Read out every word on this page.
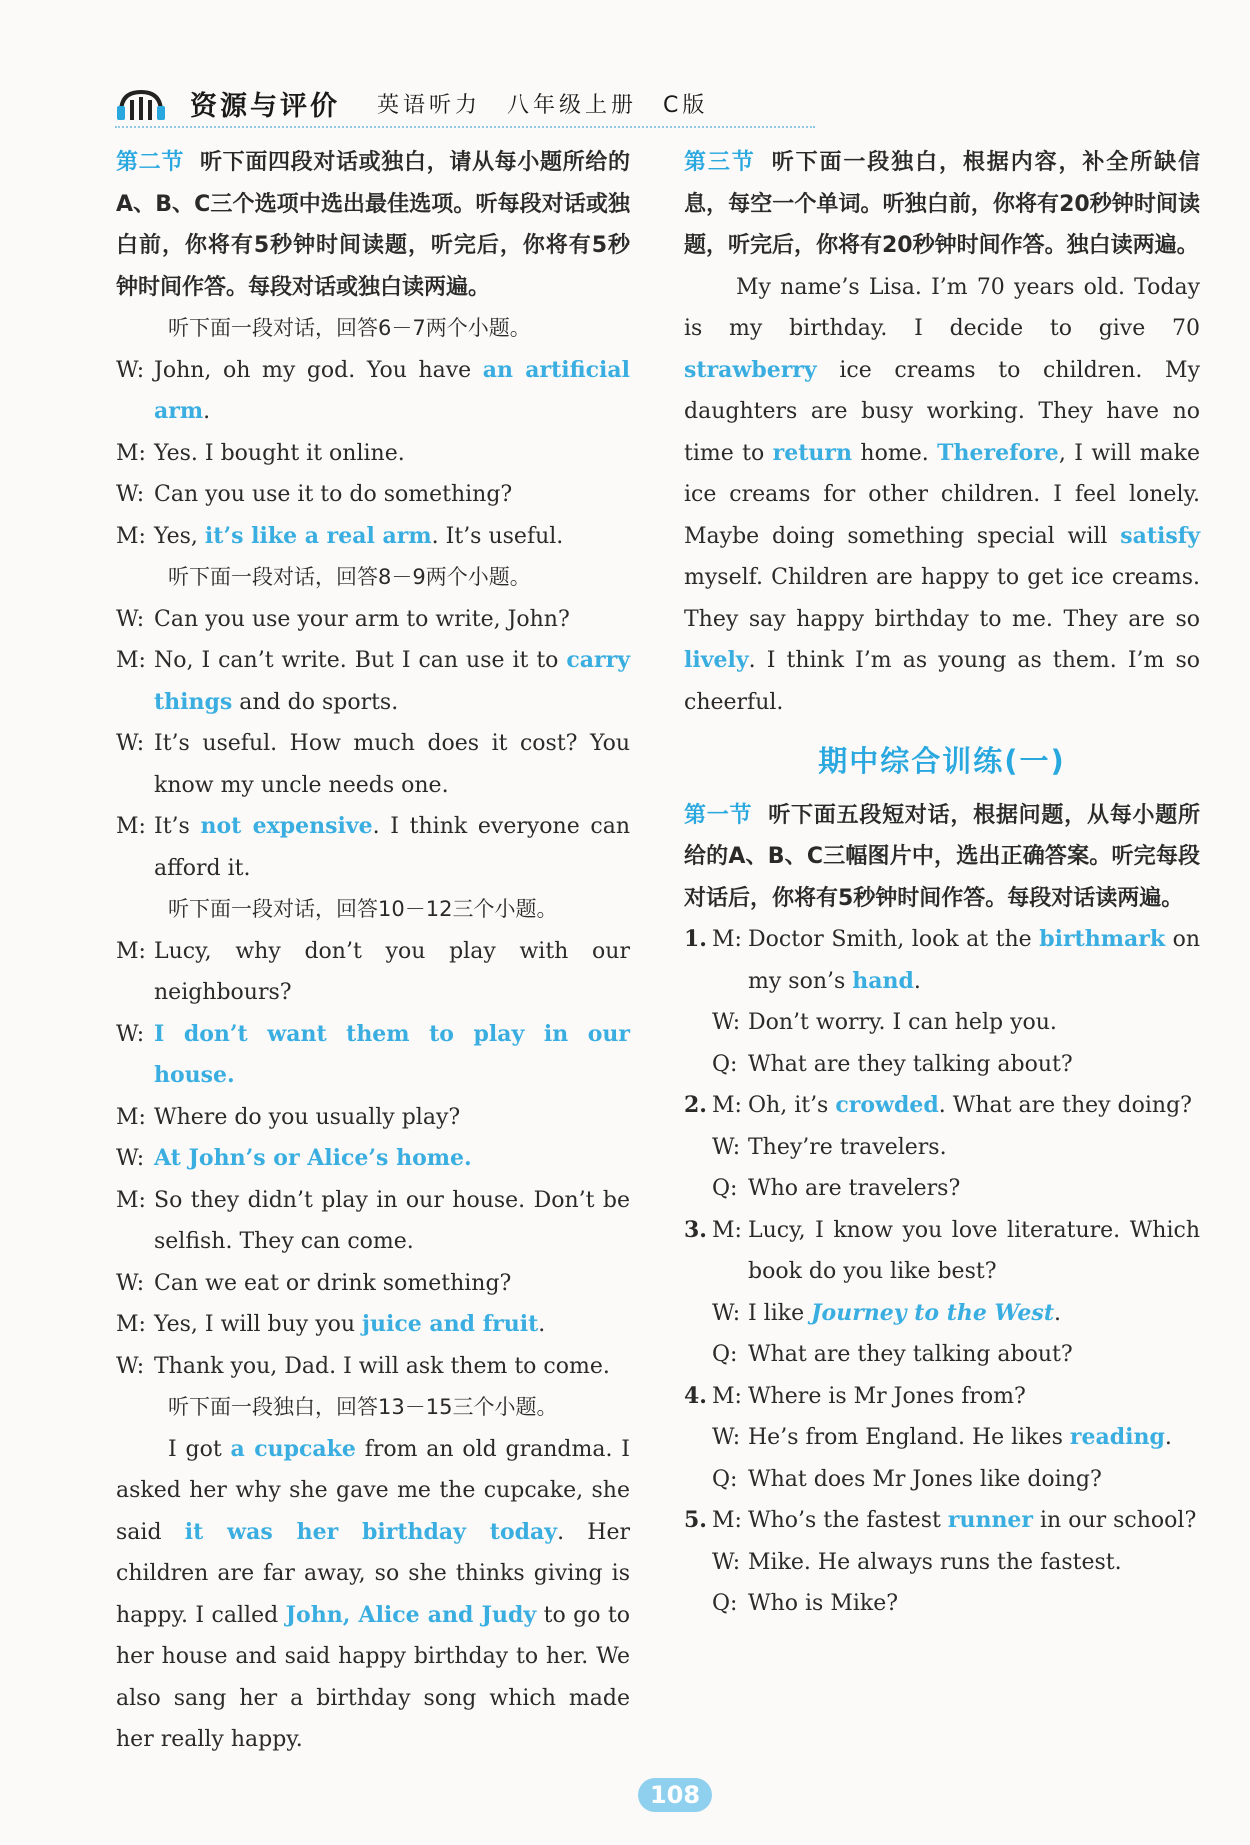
资源与评价 英语听力　八年级上册　C版
第二节 听下面四段对话或独白，请从每小题所给的A、B、C三个选项中选出最佳选项。听每段对话或独白前，你将有5秒钟时间读题，听完后，你将有5秒钟时间作答。每段对话或独白读两遍。
听下面一段对话，回答6－7两个小题。
W: John, oh my god. You have an artificial arm.
M: Yes. I bought it online.
W: Can you use it to do something?
M: Yes, it’s like a real arm. It’s useful.
听下面一段对话，回答8－9两个小题。
W: Can you use your arm to write, John?
M: No, I can’t write. But I can use it to carry things and do sports.
W: It’s useful. How much does it cost? You know my uncle needs one.
M: It’s not expensive. I think everyone can afford it.
听下面一段对话，回答10－12三个小题。
M: Lucy, why don’t you play with our neighbours?
W: I don’t want them to play in our house.
M: Where do you usually play?
W: At John’s or Alice’s home.
M: So they didn’t play in our house. Don’t be selfish. They can come.
W: Can we eat or drink something?
M: Yes, I will buy you juice and fruit.
W: Thank you, Dad. I will ask them to come.
听下面一段独白，回答13－15三个小题。
I got a cupcake from an old grandma. I asked her why she gave me the cupcake, she said it was her birthday today. Her children are far away, so she thinks giving is happy. I called John, Alice and Judy to go to her house and said happy birthday to her. We also sang her a birthday song which made her really happy.
第三节 听下面一段独白，根据内容，补全所缺信息，每空一个单词。听独白前，你将有20秒钟时间读题，听完后，你将有20秒钟时间作答。独白读两遍。
My name’s Lisa. I’m 70 years old. Today is my birthday. I decide to give 70 strawberry ice creams to children. My daughters are busy working. They have no time to return home. Therefore, I will make ice creams for other children. I feel lonely. Maybe doing something special will satisfy myself. Children are happy to get ice creams. They say happy birthday to me. They are so lively. I think I’m as young as them. I’m so cheerful.
期中综合训练(一)
第一节 听下面五段短对话，根据问题，从每小题所给的A、B、C三幅图片中，选出正确答案。听完每段对话后，你将有5秒钟时间作答。每段对话读两遍。
1. M: Doctor Smith, look at the birthmark on my son’s hand.
W: Don’t worry. I can help you.
Q: What are they talking about?
2. M: Oh, it’s crowded. What are they doing?
W: They’re travelers.
Q: Who are travelers?
3. M: Lucy, I know you love literature. Which book do you like best?
W: I like Journey to the West.
Q: What are they talking about?
4. M: Where is Mr Jones from?
W: He’s from England. He likes reading.
Q: What does Mr Jones like doing?
5. M: Who’s the fastest runner in our school?
W: Mike. He always runs the fastest.
Q: Who is Mike?
108
